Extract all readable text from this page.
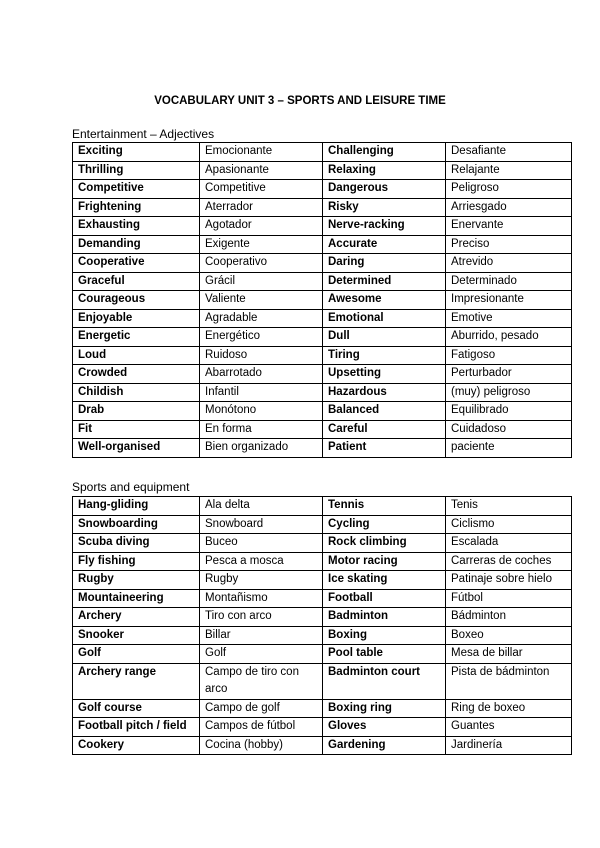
VOCABULARY UNIT 3 – SPORTS AND LEISURE TIME
Entertainment – Adjectives
Exciting	Emocionante	Challenging	Desafiante
Thrilling	Apasionante	Relaxing	Relajante
Competitive	Competitive	Dangerous	Peligroso
Frightening	Aterrador	Risky	Arriesgado
Exhausting	Agotador	Nerve-racking	Enervante
Demanding	Exigente	Accurate	Preciso
Cooperative	Cooperativo	Daring	Atrevido
Graceful	Grácil	Determined	Determinado
Courageous	Valiente	Awesome	Impresionante
Enjoyable	Agradable	Emotional	Emotive
Energetic	Energético	Dull	Aburrido, pesado
Loud	Ruidoso	Tiring	Fatigoso
Crowded	Abarrotado	Upsetting	Perturbador
Childish	Infantil	Hazardous	(muy) peligroso
Drab	Monótono	Balanced	Equilibrado
Fit	En forma	Careful	Cuidadoso
Well-organised	Bien organizado	Patient	paciente
Sports and equipment
Hang-gliding	Ala delta	Tennis	Tenis
Snowboarding	Snowboard	Cycling	Ciclismo
Scuba diving	Buceo	Rock climbing	Escalada
Fly fishing	Pesca a mosca	Motor racing	Carreras de coches
Rugby	Rugby	Ice skating	Patinaje sobre hielo
Mountaineering	Montañismo	Football	Fútbol
Archery	Tiro con arco	Badminton	Bádminton
Snooker	Billar	Boxing	Boxeo
Golf	Golf	Pool table	Mesa de billar
Archery range	Campo de tiro con arco	Badminton court	Pista de bádminton
Golf course	Campo de golf	Boxing ring	Ring de boxeo
Football pitch / field	Campos de fútbol	Gloves	Guantes
Cookery	Cocina (hobby)	Gardening	Jardinería
